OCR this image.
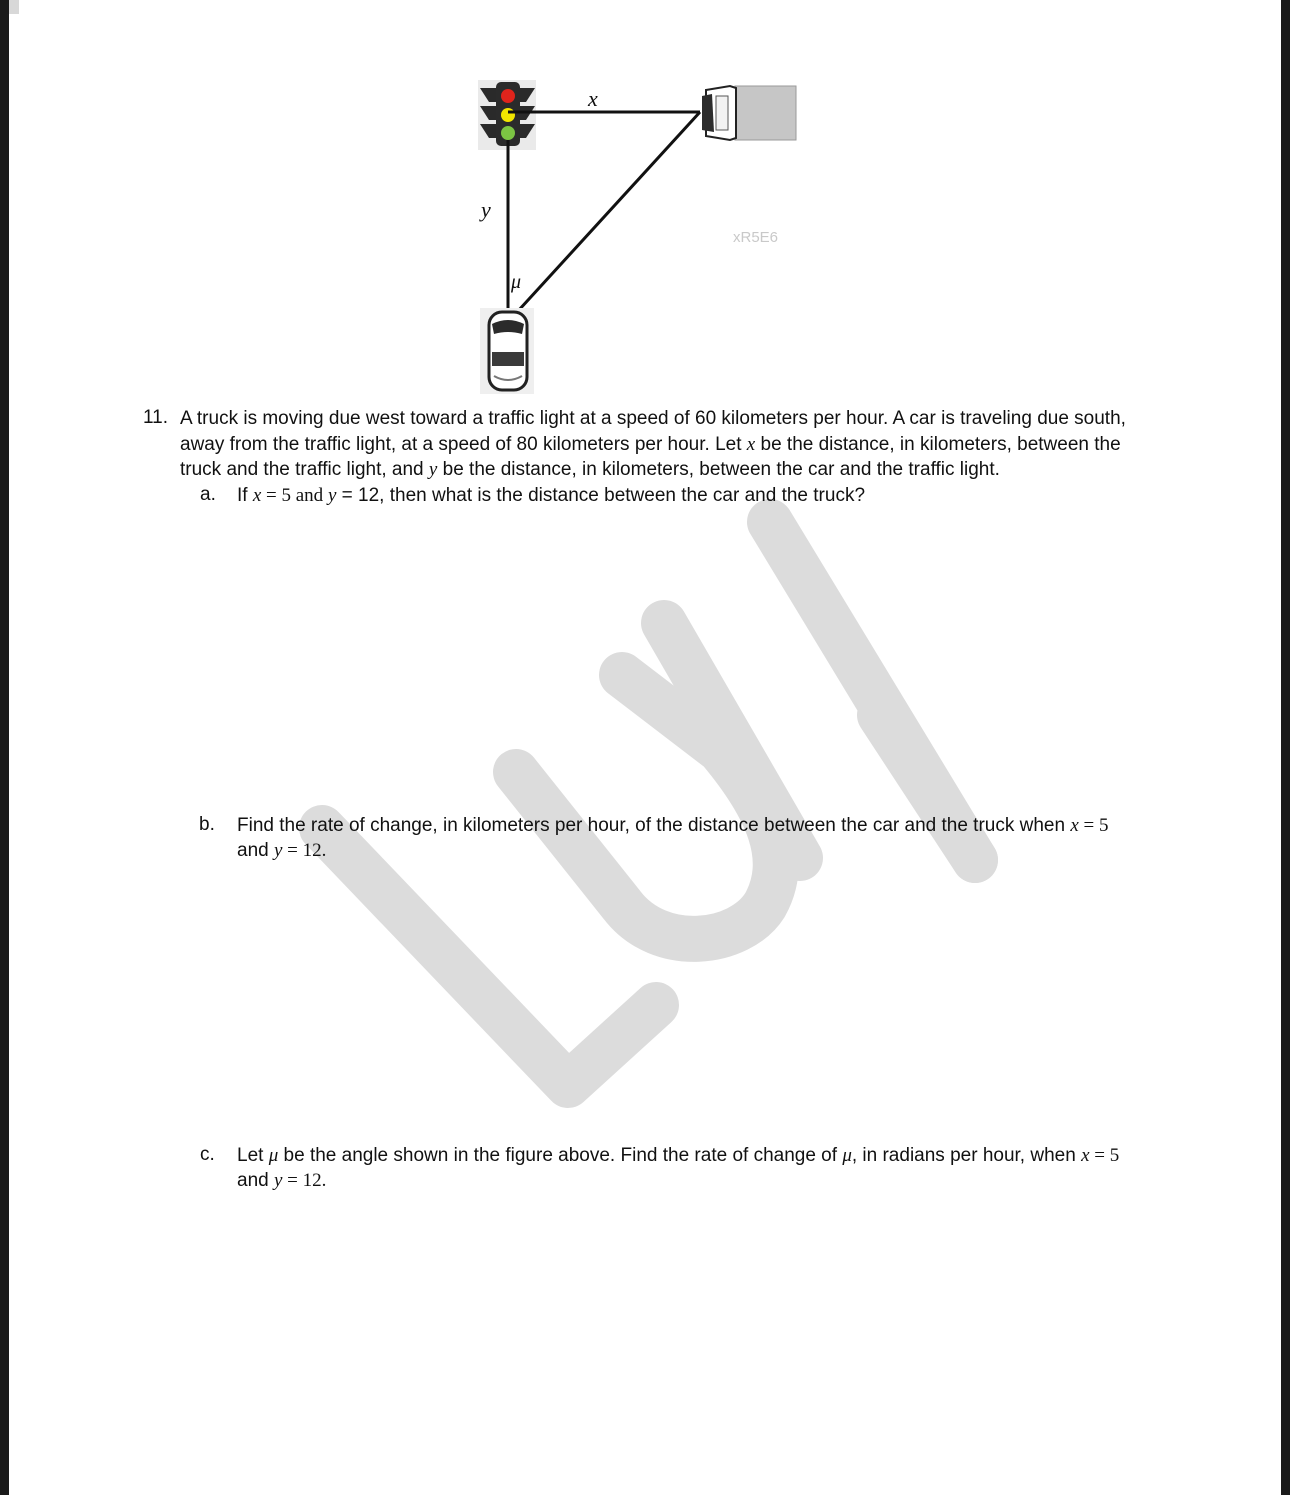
x
y
μ
xR5E6
11. A truck is moving due west toward a traffic light at a speed of 60 kilometers per hour. A car is traveling due south,
away from the traffic light, at a speed of 80 kilometers per hour. Let x be the distance, in kilometers, between the
truck and the traffic light, and y be the distance, in kilometers, between the car and the traffic light.
a. If x = 5 and y = 12, then what is the distance between the car and the truck?
b. Find the rate of change, in kilometers per hour, of the distance between the car and the truck when x = 5
and y = 12.
c. Let μ be the angle shown in the figure above. Find the rate of change of μ, in radians per hour, when x = 5
and y = 12.
